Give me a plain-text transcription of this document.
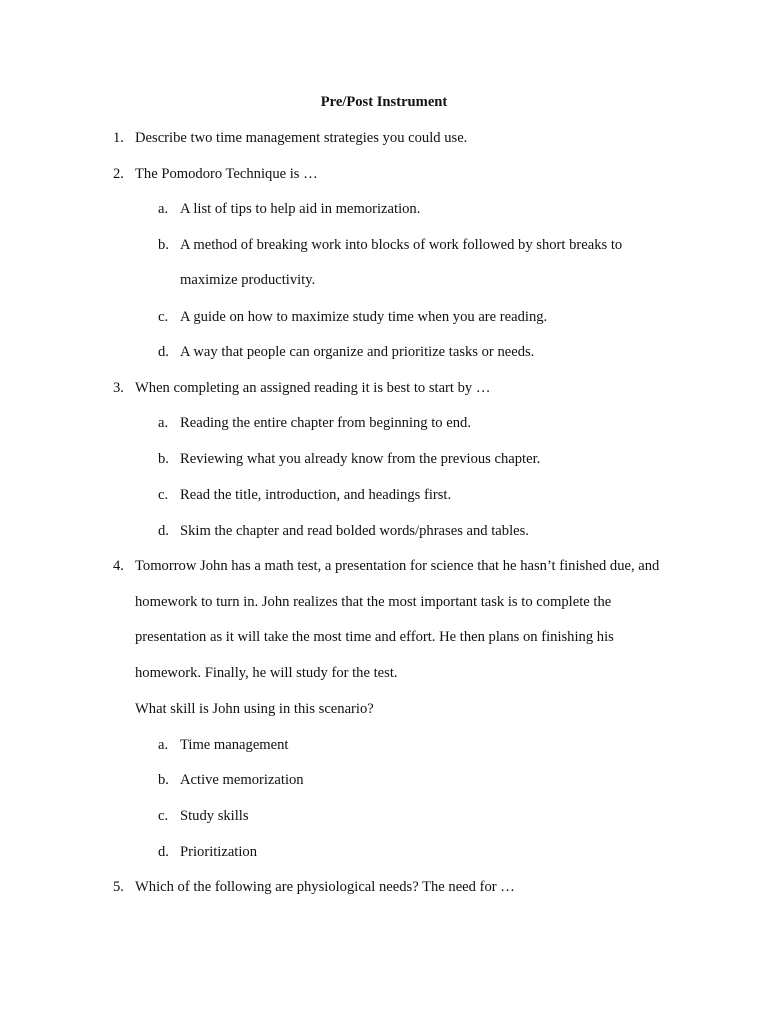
Pre/Post Instrument
1. Describe two time management strategies you could use.
2. The Pomodoro Technique is …
a. A list of tips to help aid in memorization.
b. A method of breaking work into blocks of work followed by short breaks to
maximize productivity.
c. A guide on how to maximize study time when you are reading.
d. A way that people can organize and prioritize tasks or needs.
3. When completing an assigned reading it is best to start by …
a. Reading the entire chapter from beginning to end.
b. Reviewing what you already know from the previous chapter.
c. Read the title, introduction, and headings first.
d. Skim the chapter and read bolded words/phrases and tables.
4. Tomorrow John has a math test, a presentation for science that he hasn’t finished due, and
homework to turn in. John realizes that the most important task is to complete the
presentation as it will take the most time and effort. He then plans on finishing his
homework. Finally, he will study for the test.
What skill is John using in this scenario?
a. Time management
b. Active memorization
c. Study skills
d. Prioritization
5. Which of the following are physiological needs? The need for …
